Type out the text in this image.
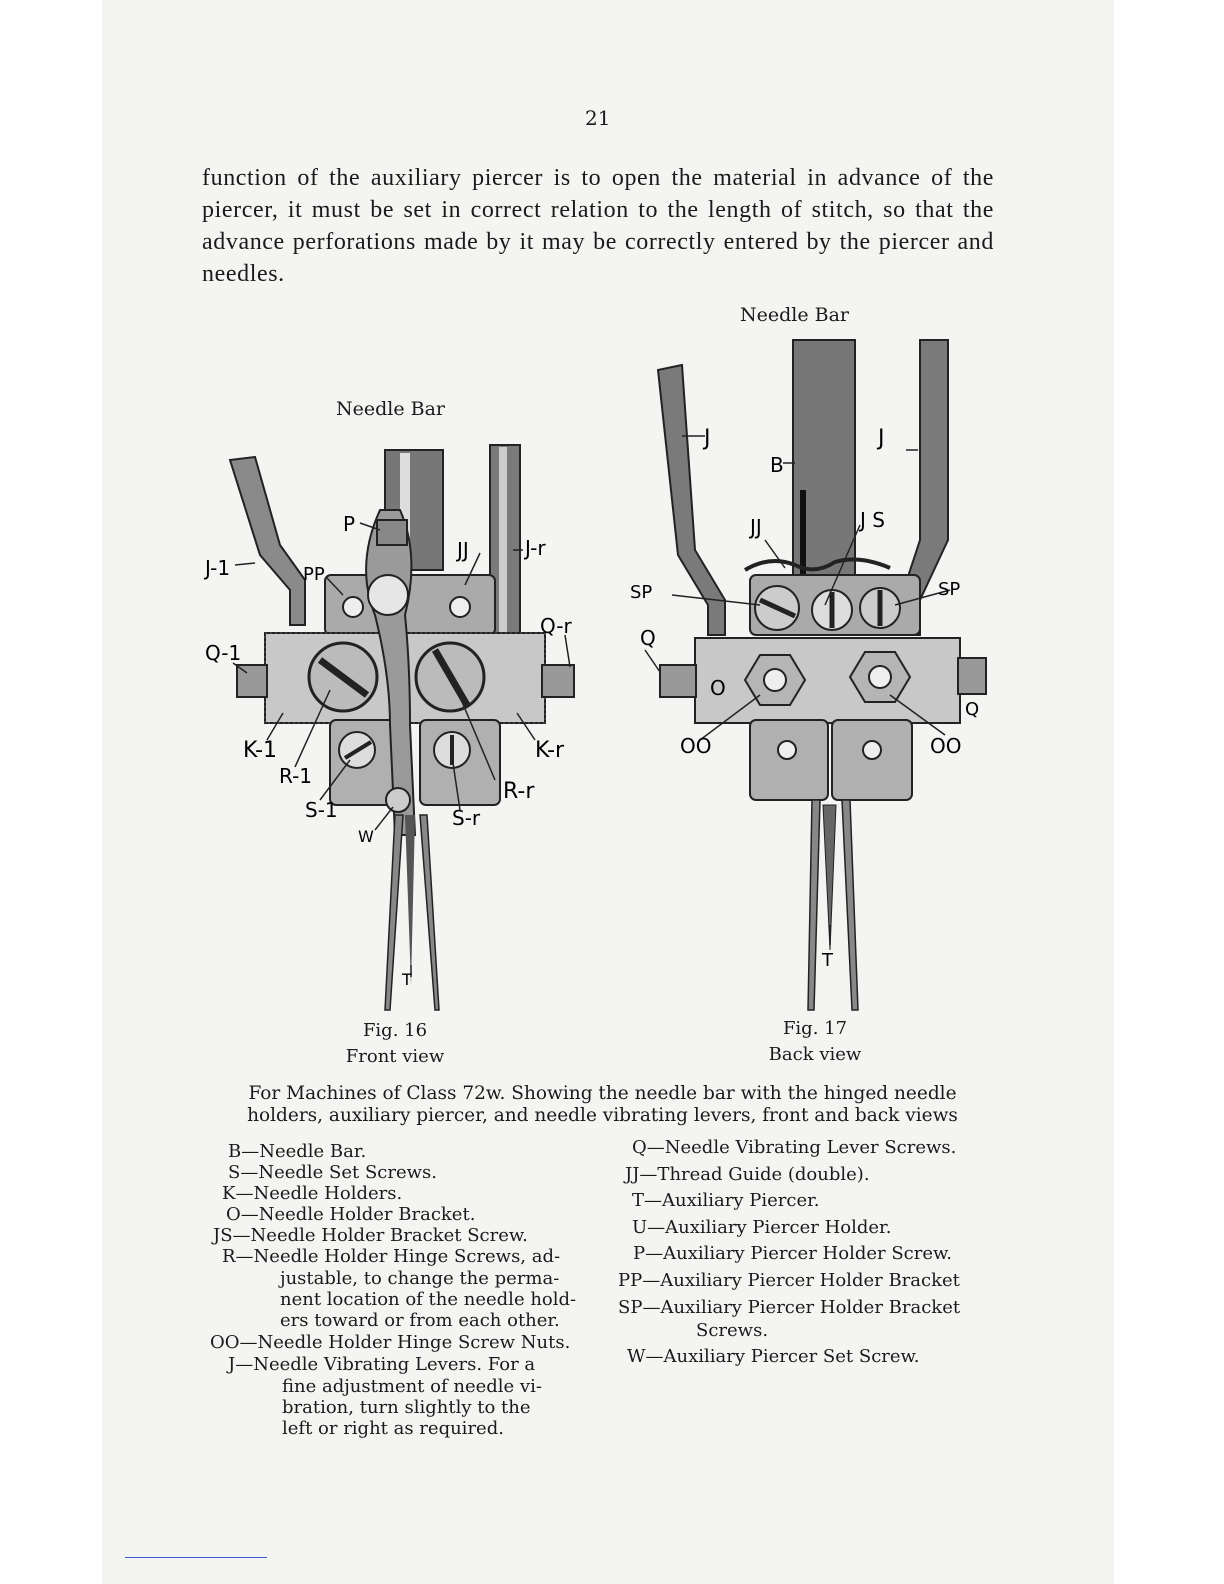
21
function of the auxiliary piercer is to open the material in advance of the piercer, it must be set in correct relation to the length of stitch, so that the advance perforations made by it may be correctly entered by the piercer and needles.
Needle Bar
P
JJ	J-r
J-1	PP
Q-r
Q-1
K-1	K-r
R-1
R-r
S-1	S-r
W
T
Fig. 16
Front view
Needle Bar
J	J
B
JJ	J S
SP	SP
Q
Q
O
OO	OO
T
Fig. 17
Back view
For Machines of Class 72w. Showing the needle bar with the hinged needle
holders, auxiliary piercer, and needle vibrating levers, front and back views
B—Needle Bar.
S—Needle Set Screws.
K—Needle Holders.
O—Needle Holder Bracket.
JS—Needle Holder Bracket Screw.
R—Needle Holder Hinge Screws, ad-
justable, to change the perma-
nent location of the needle hold-
ers toward or from each other.
OO—Needle Holder Hinge Screw Nuts.
J—Needle Vibrating Levers. For a
fine adjustment of needle vi-
bration, turn slightly to the
left or right as required.
Q—Needle Vibrating Lever Screws.
JJ—Thread Guide (double).
T—Auxiliary Piercer.
U—Auxiliary Piercer Holder.
P—Auxiliary Piercer Holder Screw.
PP—Auxiliary Piercer Holder Bracket
SP—Auxiliary Piercer Holder Bracket
Screws.
W—Auxiliary Piercer Set Screw.
